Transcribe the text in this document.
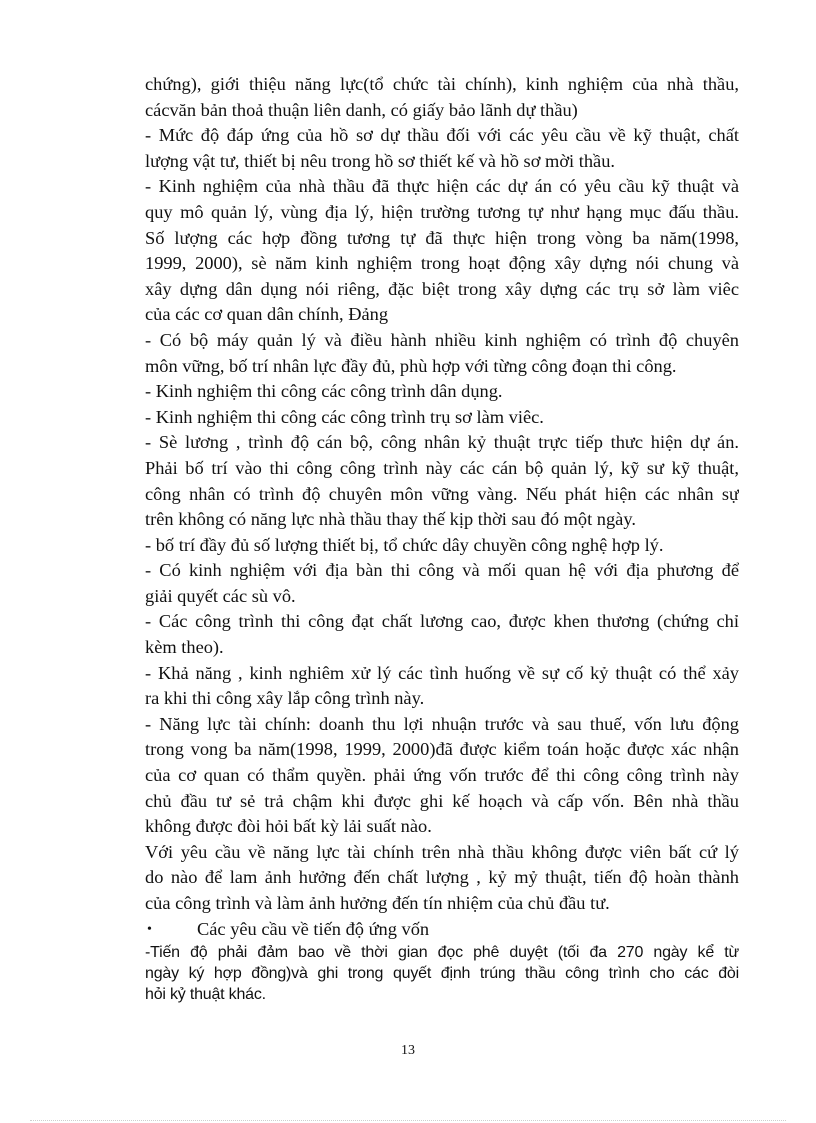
chứng), giới thiệu năng lực(tổ chức tài chính), kinh nghiệm của nhà thầu,
cácvăn bản thoả thuận liên danh, có giấy bảo lãnh dự thầu)
- Mức độ đáp ứng của hồ sơ dự thầu đối với các yêu cầu về kỹ thuật, chất
lượng vật tư, thiết bị nêu trong hồ sơ thiết kế và hồ sơ mời thầu.
- Kinh nghiệm của nhà thầu đã thực hiện các dự án có yêu cầu kỹ thuật và
quy mô quản lý, vùng địa lý, hiện trường tương tự như hạng mục đấu thầu.
Số lượng các hợp đồng tương tự đã thực hiện trong vòng ba năm(1998,
1999, 2000), sè năm kinh nghiệm trong hoạt động xây dựng nói chung và
xây dựng dân dụng nói riêng, đặc biệt trong xây dựng các trụ sở làm viêc
của các cơ quan dân chính, Đảng
- Có bộ máy quản lý và điều hành nhiều kinh nghiệm có trình độ chuyên
môn vững, bố trí nhân lực đầy đủ, phù hợp với từng công đoạn thi công.
- Kinh nghiệm thi công các công trình dân dụng.
- Kinh nghiệm thi công các công trình trụ sơ làm viêc.
- Sè lương , trình độ cán bộ, công nhân kỷ thuật trực tiếp thưc hiện dự án.
Phải bố trí vào thi công công trình này các cán bộ quản lý, kỹ sư kỹ thuật,
công nhân có trình độ chuyên môn vững vàng. Nếu phát hiện các nhân sự
trên không có năng lực nhà thầu thay thế kịp thời sau đó một ngày.
- bố trí đầy đủ số lượng thiết bị, tổ chức dây chuyền công nghệ hợp lý.
- Có kinh nghiệm với địa bàn thi công và mối quan hệ với địa phương để
giải quyết các sù vô.
- Các công trình thi công đạt chất lương cao, được khen thương (chứng chỉ
kèm theo).
- Khả năng , kinh nghiêm xử lý các tình huống về sự cố kỷ thuật có thể xảy
ra khi thi công xây lắp công trình này.
- Năng lực tài chính: doanh thu lợi nhuận trước và sau thuế, vốn lưu động
trong vong ba năm(1998, 1999, 2000)đã được kiểm toán hoặc được xác nhận
của cơ quan có thẩm quyền. phải ứng vốn trước để thi công công trình này
chủ đầu tư sẻ trả chậm khi được ghi kế hoạch và cấp vốn. Bên nhà thầu
không được đòi hỏi bất kỳ lải suất nào.
Với yêu cầu về năng lực tài chính trên nhà thầu không được viên bất cứ lý
do nào để lam ảnh hưởng đến chất lượng , kỷ mỷ thuật, tiến độ hoàn thành
của công trình và làm ảnh hưởng đến tín nhiệm của chủ đầu tư.
•	Các yêu cầu về tiến độ ứng vốn
-Tiến độ phải đảm bao về thời gian đọc phê duyệt (tối đa 270 ngày kể từ
ngày ký hợp đồng)và ghi trong quyết định trúng thầu công trình cho các đòi
hỏi kỷ thuật khác.
13
